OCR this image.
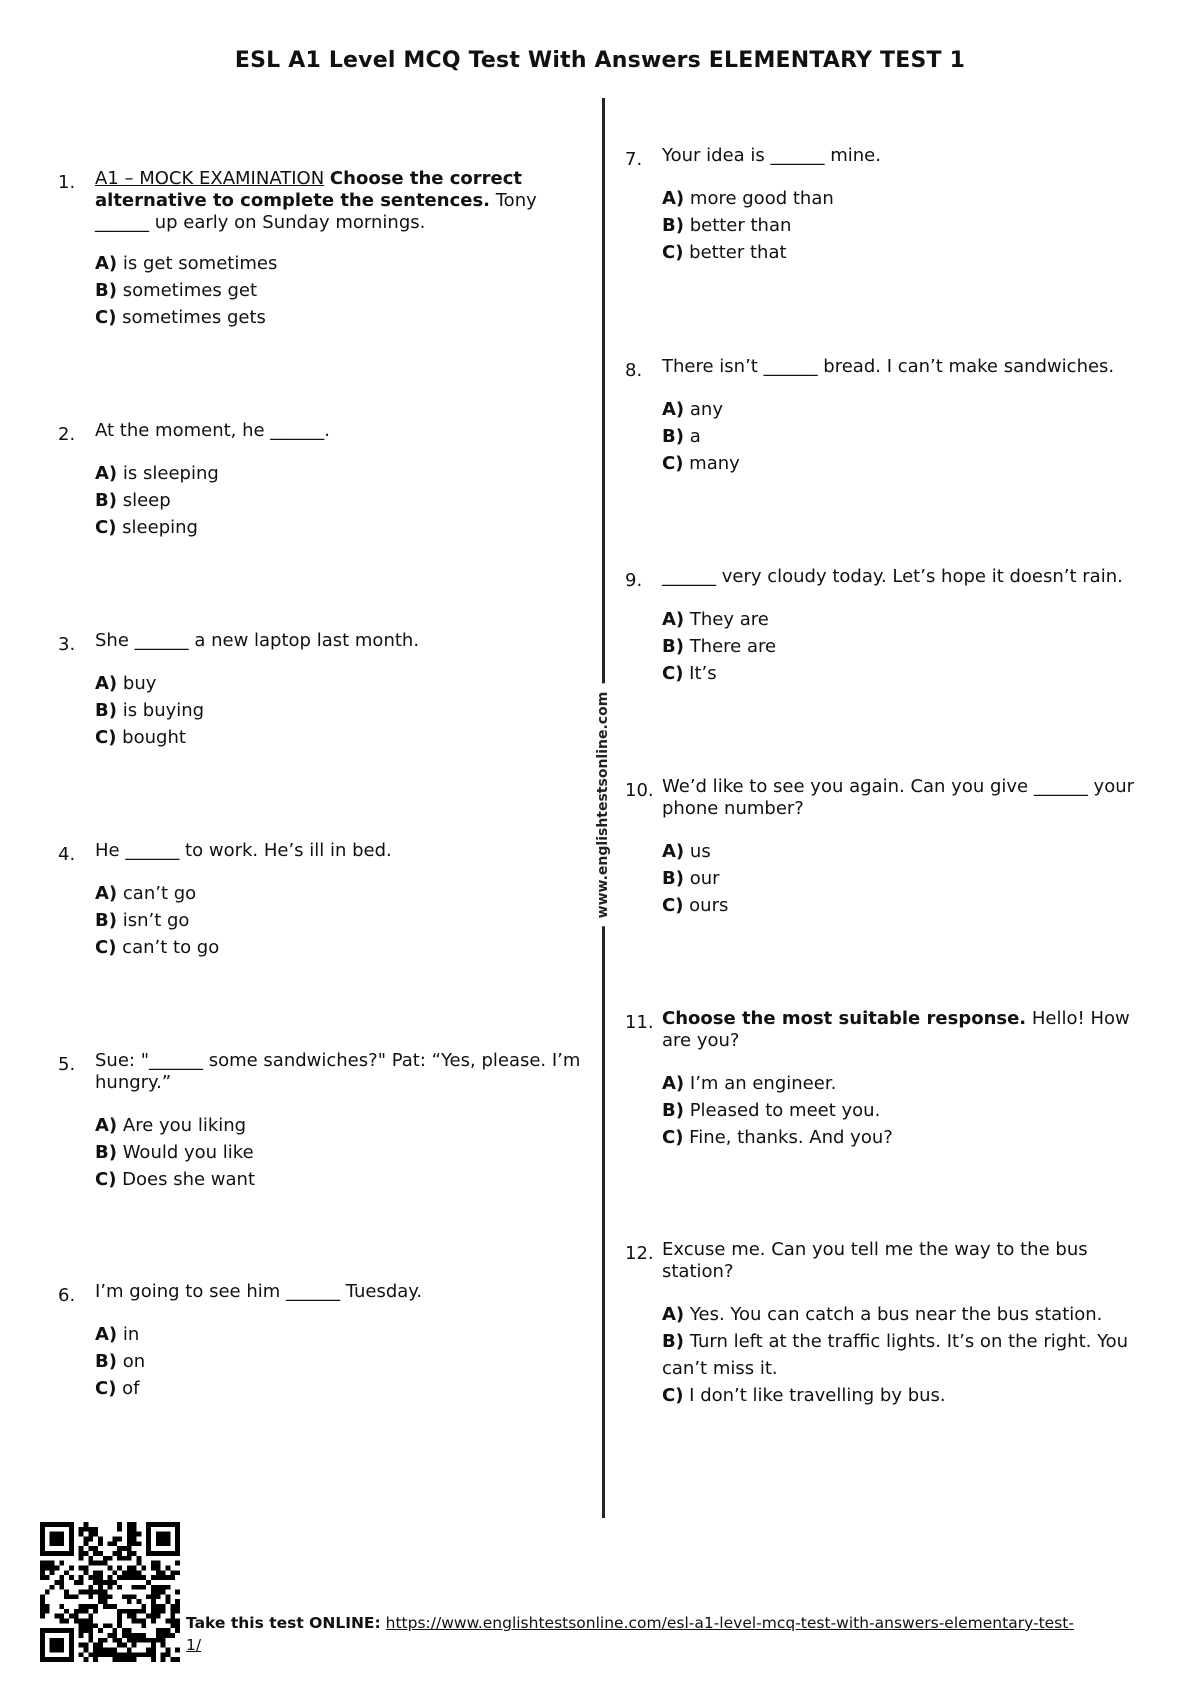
ESL A1 Level MCQ Test With Answers ELEMENTARY TEST 1
www.englishtestsonline.com
1. A1 – MOCK EXAMINATION Choose the correct alternative to complete the sentences. Tony ______ up early on Sunday mornings.
A) is get sometimes
B) sometimes get
C) sometimes gets
2. At the moment, he ______.
A) is sleeping
B) sleep
C) sleeping
3. She ______ a new laptop last month.
A) buy
B) is buying
C) bought
4. He ______ to work. He’s ill in bed.
A) can’t go
B) isn’t go
C) can’t to go
5. Sue: "______ some sandwiches?" Pat: “Yes, please. I’m hungry.”
A) Are you liking
B) Would you like
C) Does she want
6. I’m going to see him ______ Tuesday.
A) in
B) on
C) of
7. Your idea is ______ mine.
A) more good than
B) better than
C) better that
8. There isn’t ______ bread. I can’t make sandwiches.
A) any
B) a
C) many
9. ______ very cloudy today. Let’s hope it doesn’t rain.
A) They are
B) There are
C) It’s
10. We’d like to see you again. Can you give ______ your phone number?
A) us
B) our
C) ours
11. Choose the most suitable response. Hello! How are you?
A) I’m an engineer.
B) Pleased to meet you.
C) Fine, thanks. And you?
12. Excuse me. Can you tell me the way to the bus station?
A) Yes. You can catch a bus near the bus station.
B) Turn left at the traffic lights. It’s on the right. You can’t miss it.
C) I don’t like travelling by bus.
Take this test ONLINE: https://www.englishtestsonline.com/esl-a1-level-mcq-test-with-answers-elementary-test-1/
